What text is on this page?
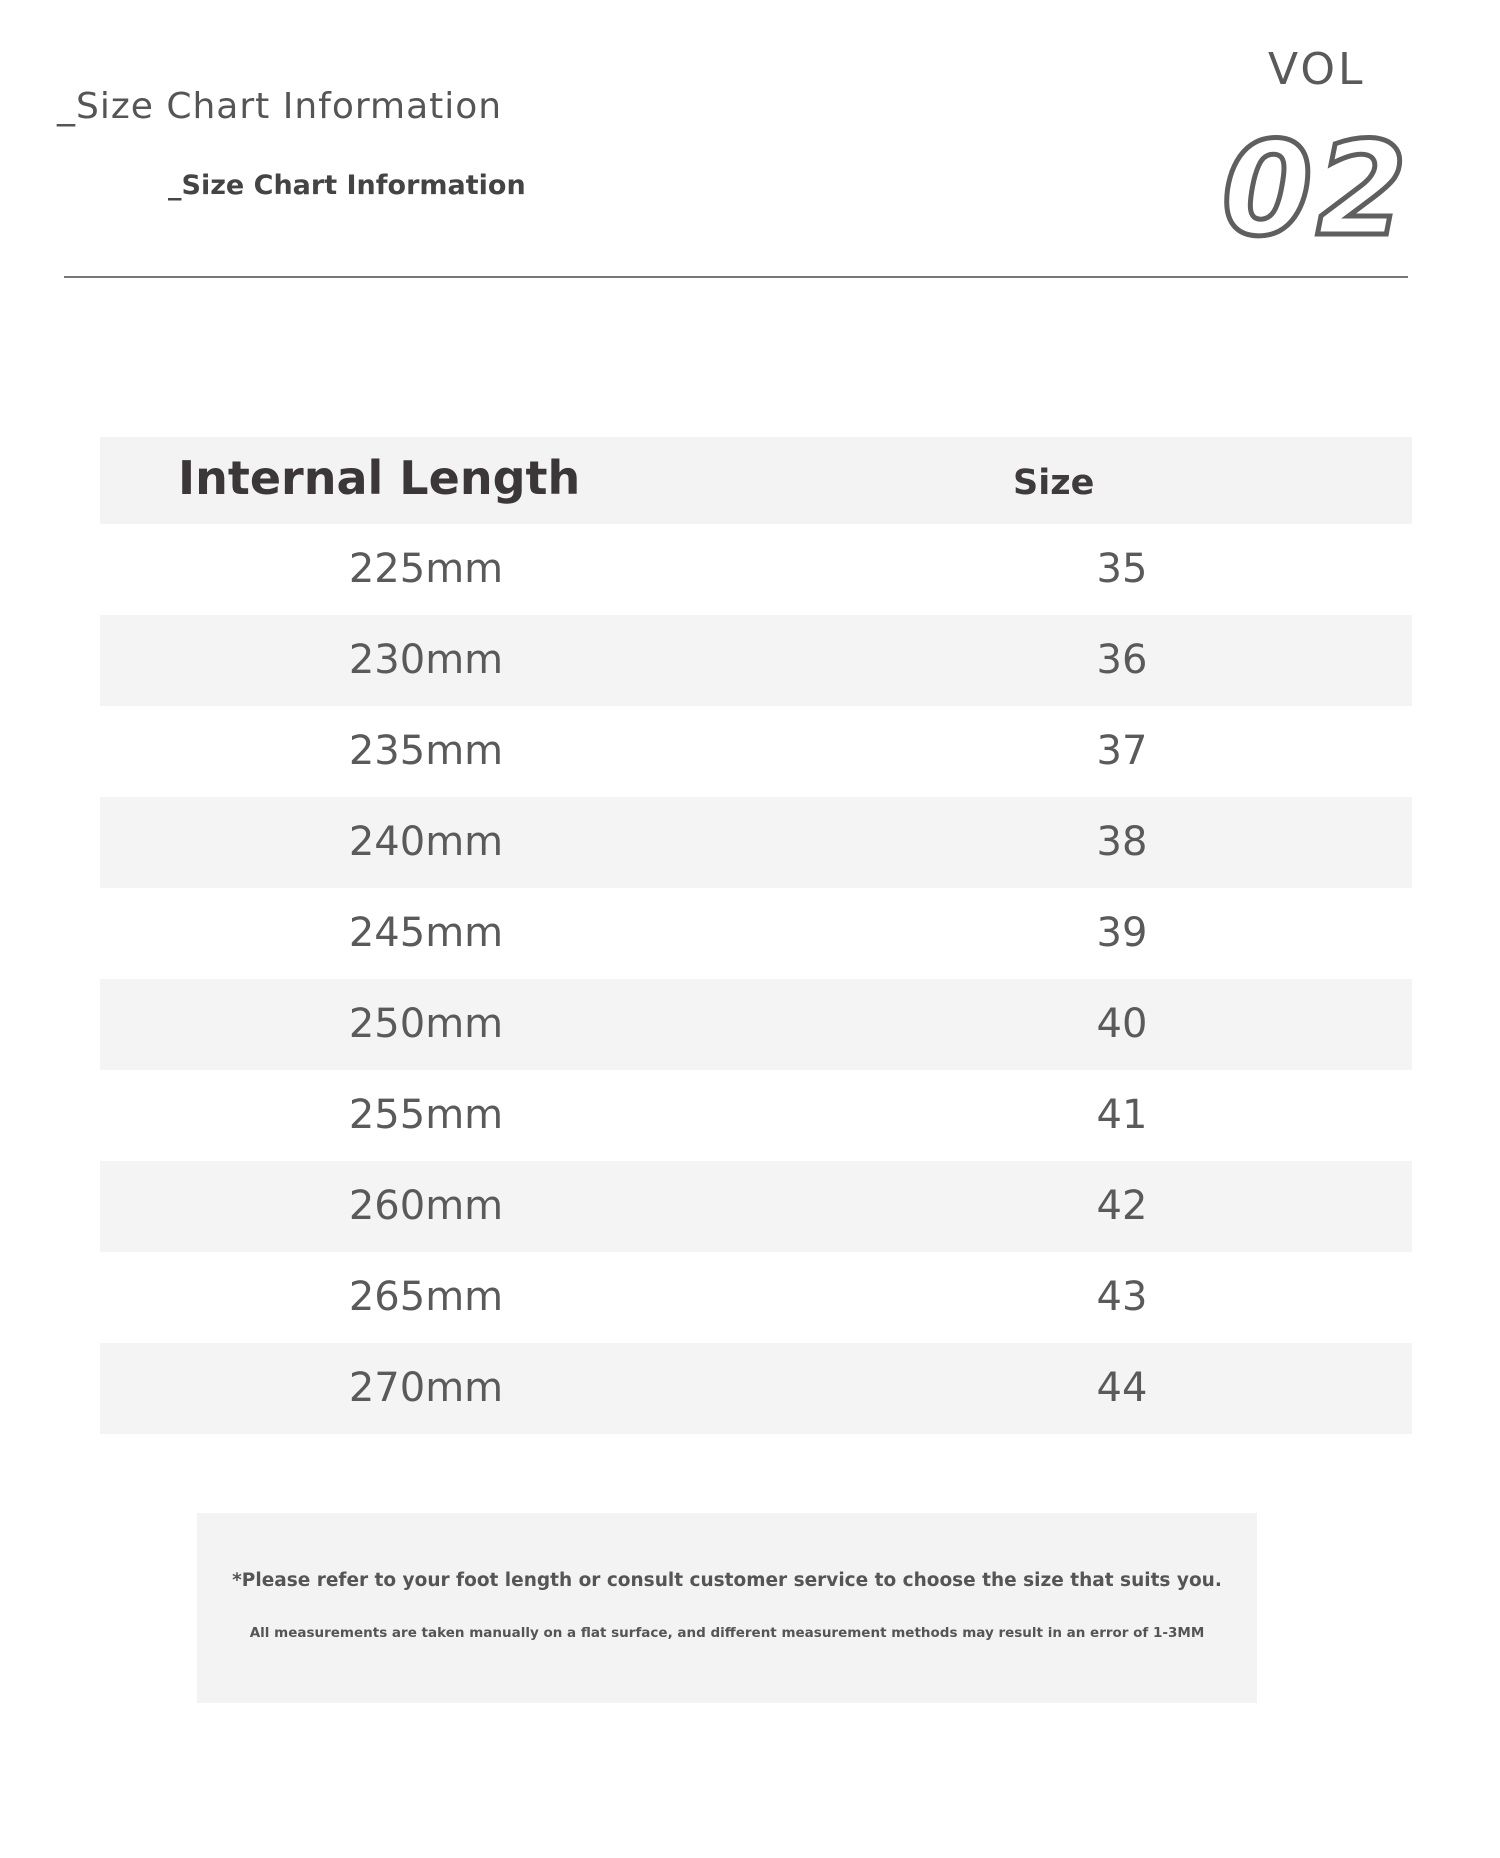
_Size Chart Information
_Size Chart Information
VOL
02
Internal Length	Size
225mm	35
230mm	36
235mm	37
240mm	38
245mm	39
250mm	40
255mm	41
260mm	42
265mm	43
270mm	44
*Please refer to your foot length or consult customer service to choose the size that suits you.
All measurements are taken manually on a flat surface, and different measurement methods may result in an error of 1-3MM
